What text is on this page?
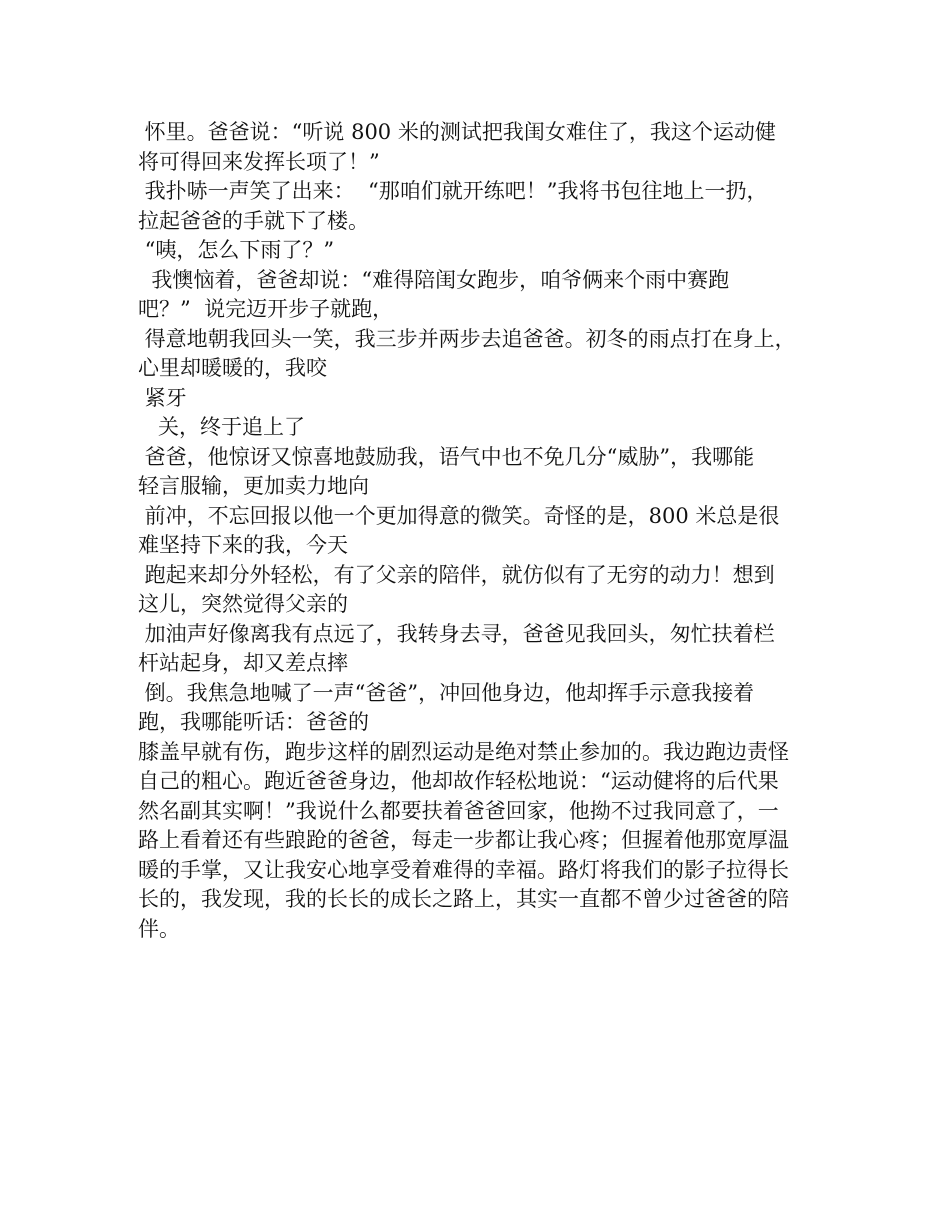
怀里。爸爸说：“听说 800 米的测试把我闺女难住了，我这个运动健
将可得回来发挥长项了！”
我扑哧一声笑了出来：  “那咱们就开练吧！”我将书包往地上一扔，
拉起爸爸的手就下了楼。
“咦，怎么下雨了？”
我懊恼着，爸爸却说：“难得陪闺女跑步，咱爷俩来个雨中赛跑
吧？”  说完迈开步子就跑，
得意地朝我回头一笑，我三步并两步去追爸爸。初冬的雨点打在身上，
心里却暖暖的，我咬
紧牙
关，终于追上了
爸爸，他惊讶又惊喜地鼓励我，语气中也不免几分“威胁”，我哪能
轻言服输，更加卖力地向
前冲，不忘回报以他一个更加得意的微笑。奇怪的是，800 米总是很
难坚持下来的我，今天
跑起来却分外轻松，有了父亲的陪伴，就仿似有了无穷的动力！想到
这儿，突然觉得父亲的
加油声好像离我有点远了，我转身去寻，爸爸见我回头，匆忙扶着栏
杆站起身，却又差点摔
倒。我焦急地喊了一声“爸爸”，冲回他身边，他却挥手示意我接着
跑，我哪能听话：爸爸的
膝盖早就有伤，跑步这样的剧烈运动是绝对禁止参加的。我边跑边责怪
自己的粗心。跑近爸爸身边，他却故作轻松地说：“运动健将的后代果
然名副其实啊！”我说什么都要扶着爸爸回家，他拗不过我同意了，一
路上看着还有些踉跄的爸爸，每走一步都让我心疼；但握着他那宽厚温
暖的手掌，又让我安心地享受着难得的幸福。路灯将我们的影子拉得长
长的，我发现，我的长长的成长之路上，其实一直都不曾少过爸爸的陪
伴。
